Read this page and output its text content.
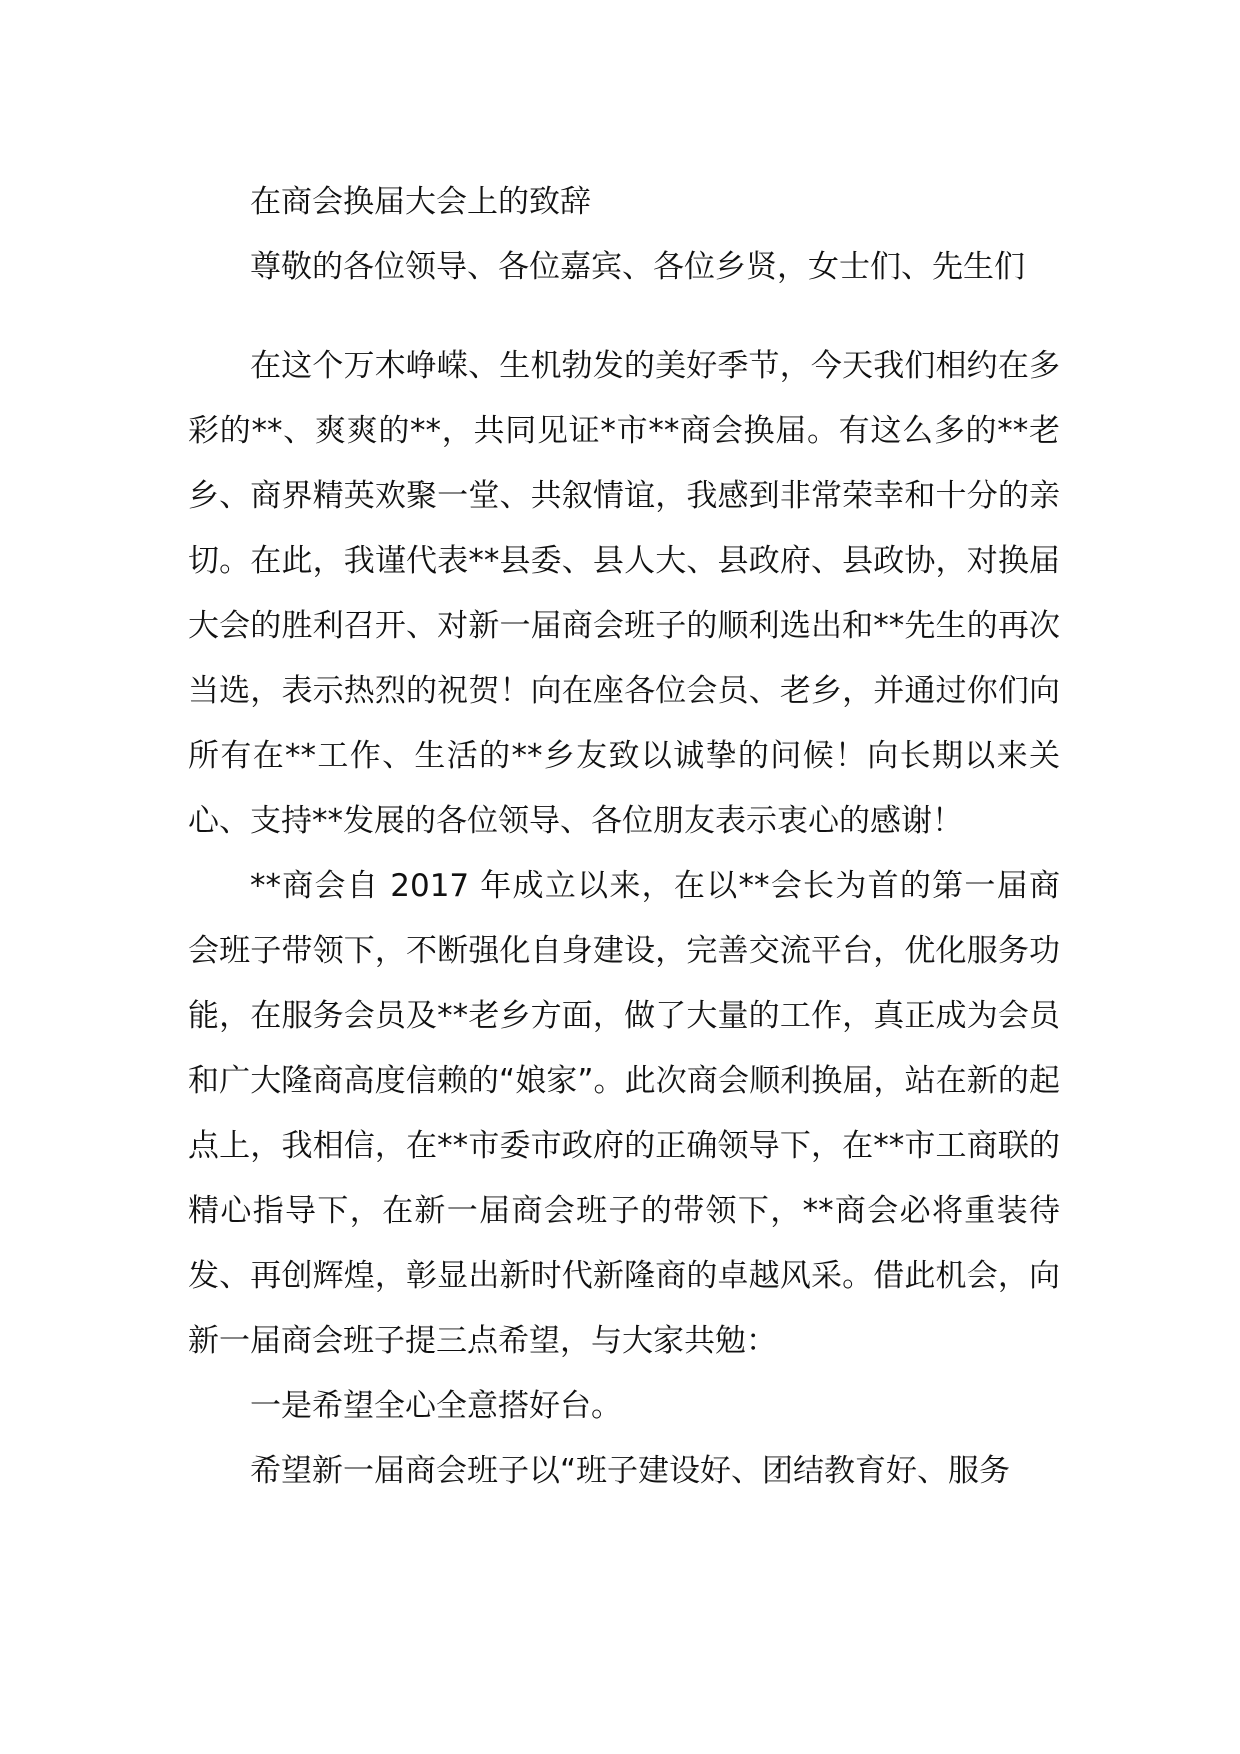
在商会换届大会上的致辞

尊敬的各位领导、各位嘉宾、各位乡贤，女士们、先生们

在这个万木峥嵘、生机勃发的美好季节，今天我们相约在多彩的**、爽爽的**，共同见证*市**商会换届。有这么多的**老乡、商界精英欢聚一堂、共叙情谊，我感到非常荣幸和十分的亲切。在此，我谨代表**县委、县人大、县政府、县政协，对换届大会的胜利召开、对新一届商会班子的顺利选出和**先生的再次当选，表示热烈的祝贺！向在座各位会员、老乡，并通过你们向所有在**工作、生活的**乡友致以诚挚的问候！向长期以来关心、支持**发展的各位领导、各位朋友表示衷心的感谢！

**商会自 2017 年成立以来，在以**会长为首的第一届商会班子带领下，不断强化自身建设，完善交流平台，优化服务功能，在服务会员及**老乡方面，做了大量的工作，真正成为会员和广大隆商高度信赖的“娘家”。此次商会顺利换届，站在新的起点上，我相信，在**市委市政府的正确领导下，在**市工商联的精心指导下，在新一届商会班子的带领下，**商会必将重装待发、再创辉煌，彰显出新时代新隆商的卓越风采。借此机会，向新一届商会班子提三点希望，与大家共勉：

一是希望全心全意搭好台。

希望新一届商会班子以“班子建设好、团结教育好、服务
